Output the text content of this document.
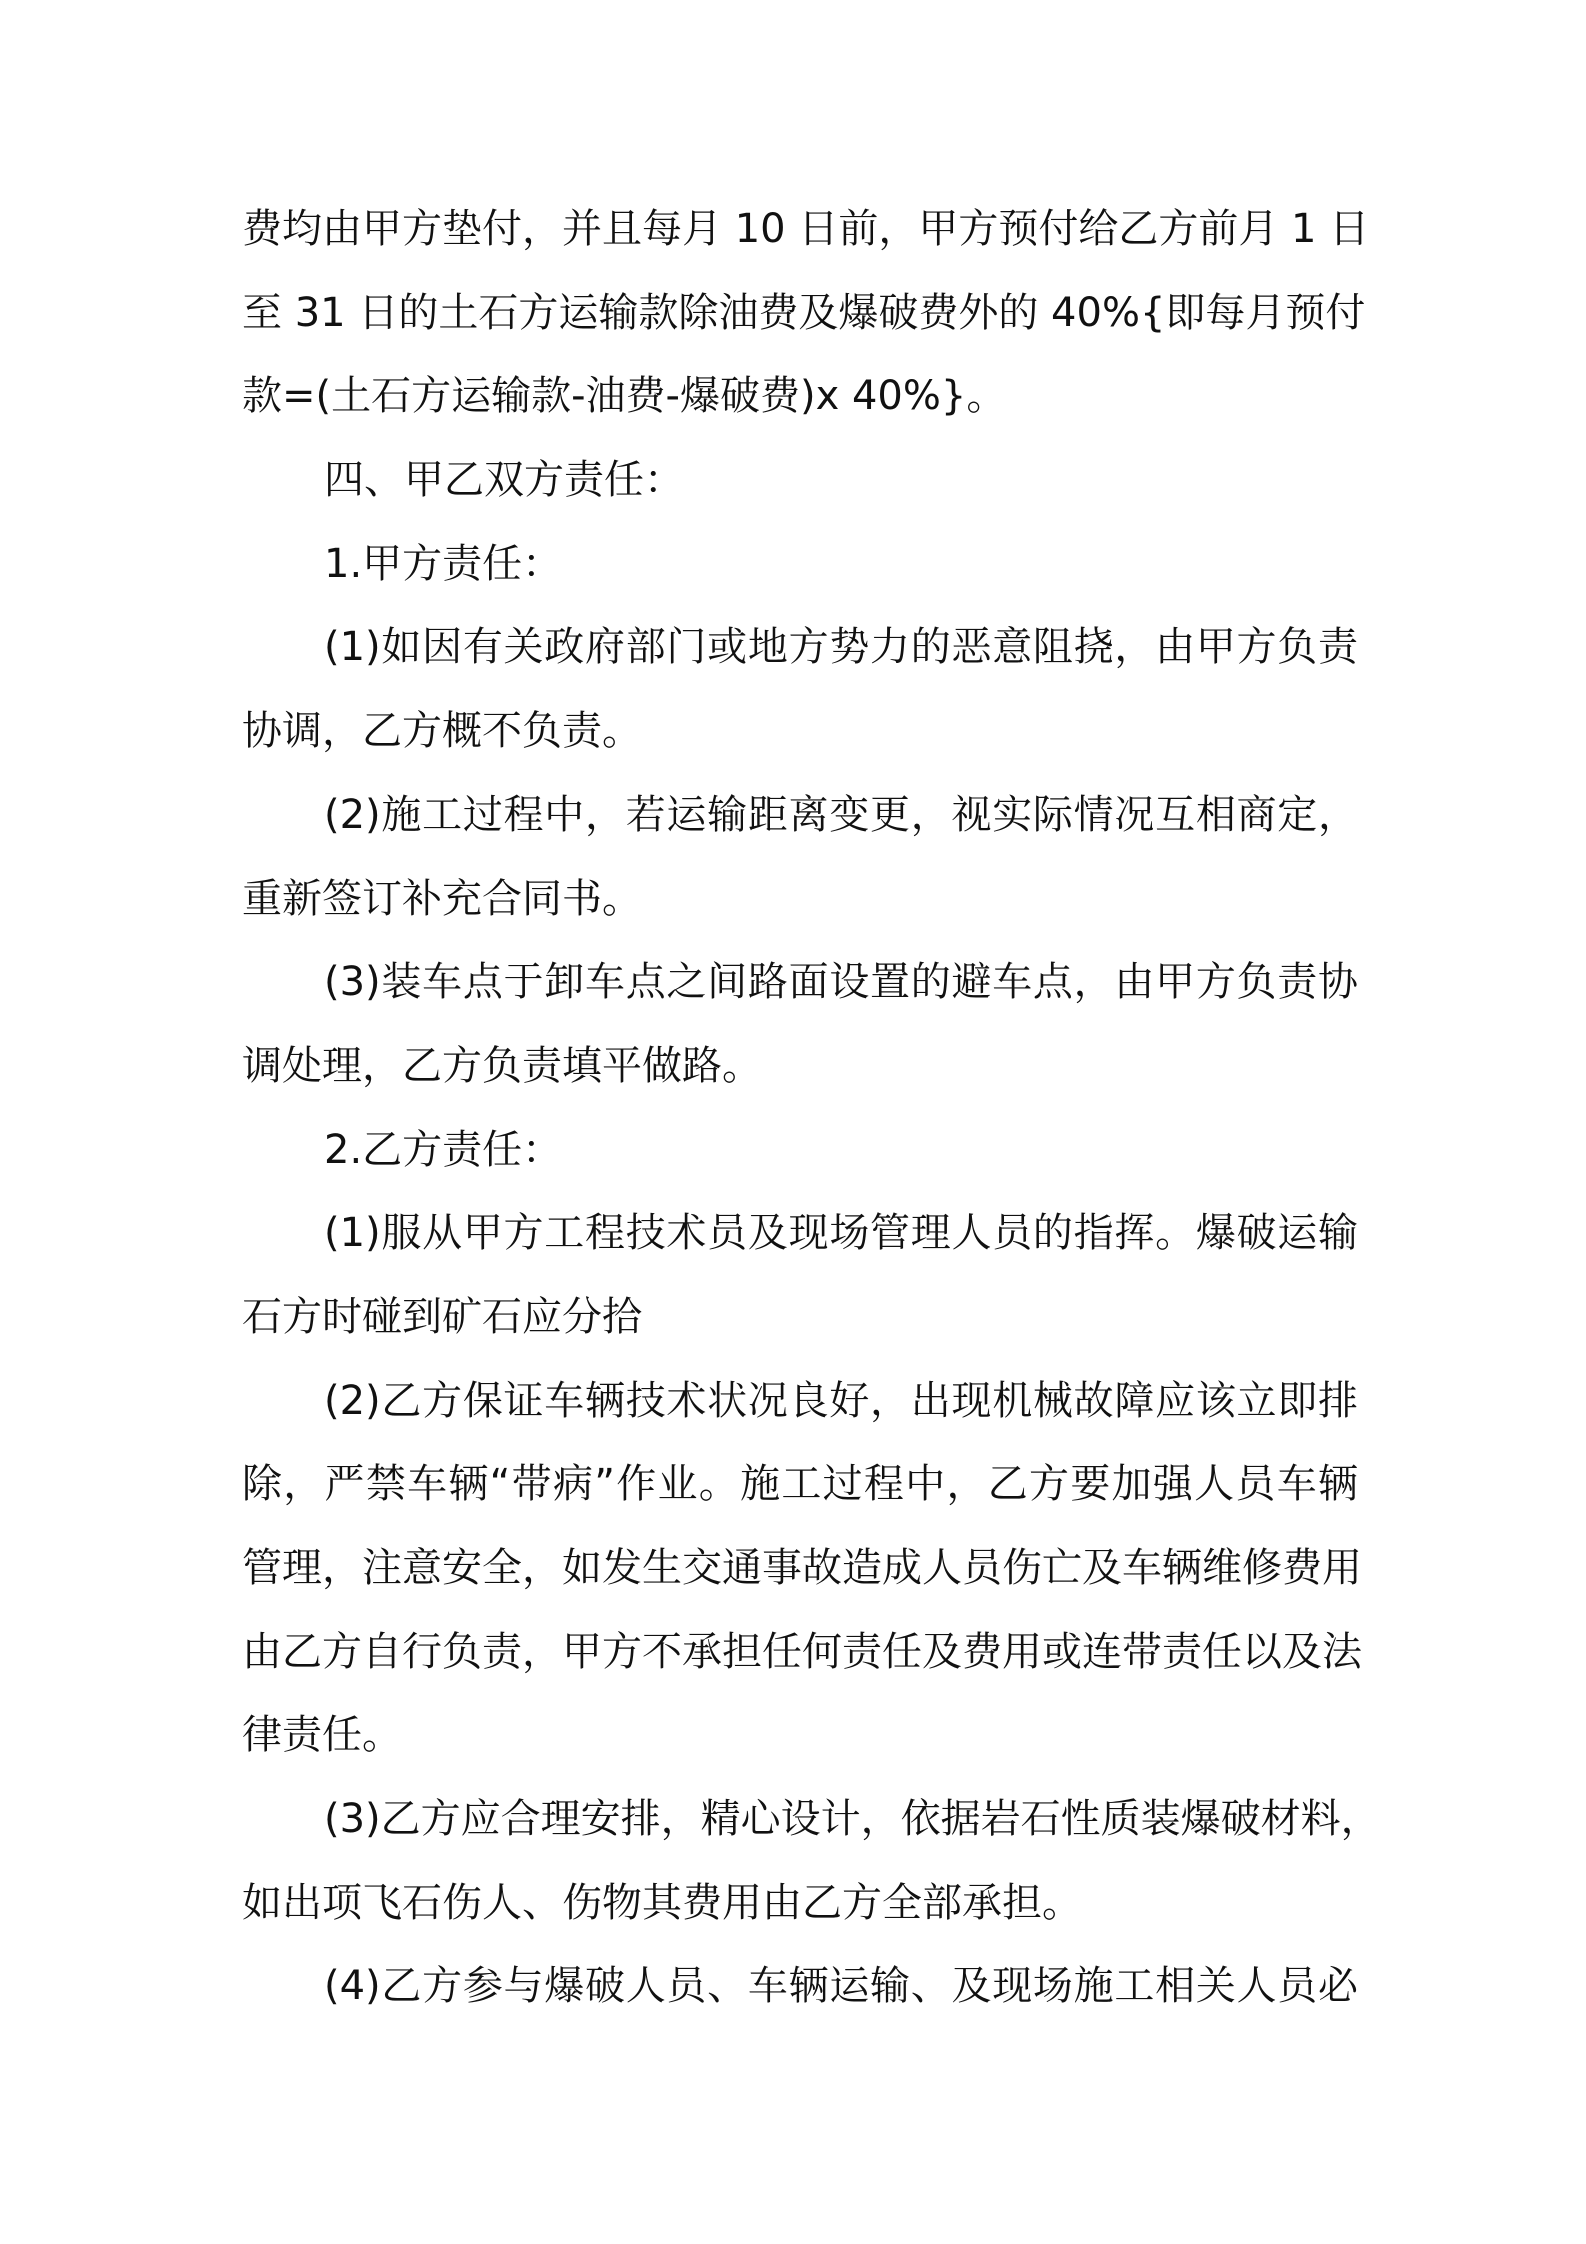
费均由甲方垫付，并且每月 10 日前，甲方预付给乙方前月 1 日
至 31 日的土石方运输款除油费及爆破费外的 40%{即每月预付
款=(土石方运输款-油费-爆破费)x 40%}。
四、甲乙双方责任：
1.甲方责任：
(1)如因有关政府部门或地方势力的恶意阻挠，由甲方负责
协调，乙方概不负责。
(2)施工过程中，若运输距离变更，视实际情况互相商定，
重新签订补充合同书。
(3)装车点于卸车点之间路面设置的避车点，由甲方负责协
调处理，乙方负责填平做路。
2.乙方责任：
(1)服从甲方工程技术员及现场管理人员的指挥。爆破运输
石方时碰到矿石应分拾
(2)乙方保证车辆技术状况良好，出现机械故障应该立即排
除，严禁车辆“带病”作业。施工过程中，乙方要加强人员车辆
管理，注意安全，如发生交通事故造成人员伤亡及车辆维修费用
由乙方自行负责，甲方不承担任何责任及费用或连带责任以及法
律责任。
(3)乙方应合理安排，精心设计，依据岩石性质装爆破材料，
如出项飞石伤人、伤物其费用由乙方全部承担。
(4)乙方参与爆破人员、车辆运输、及现场施工相关人员必
